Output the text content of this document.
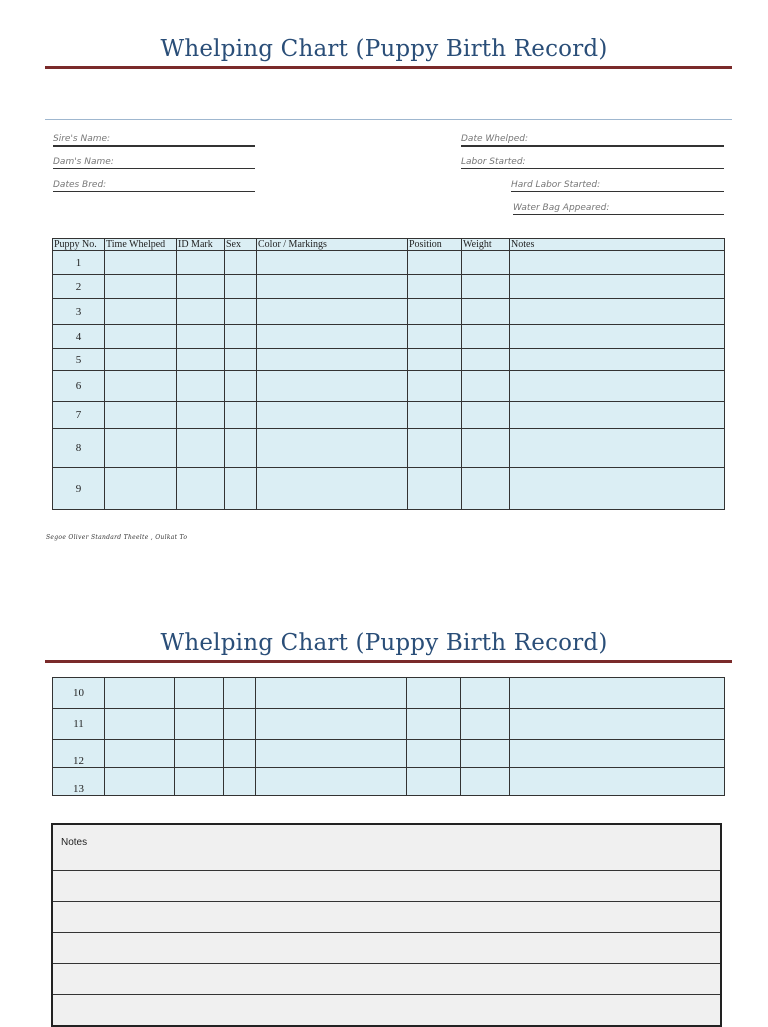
Whelping Chart (Puppy Birth Record)
Sire's Name:
Dam's Name:
Dates Bred:
Date Whelped:
Labor Started:
Hard Labor Started:
Water Bag Appeared:
Puppy No.	Time Whelped	ID Mark	Sex	Color / Markings	Position	Weight	Notes
1							
2							
3							
4							
5							
6							
7							
8							
9							
Segoe Oliver Standard Theelte , Oulkat To
Whelping Chart (Puppy Birth Record)
10							
11							
12							
13							
Notes
